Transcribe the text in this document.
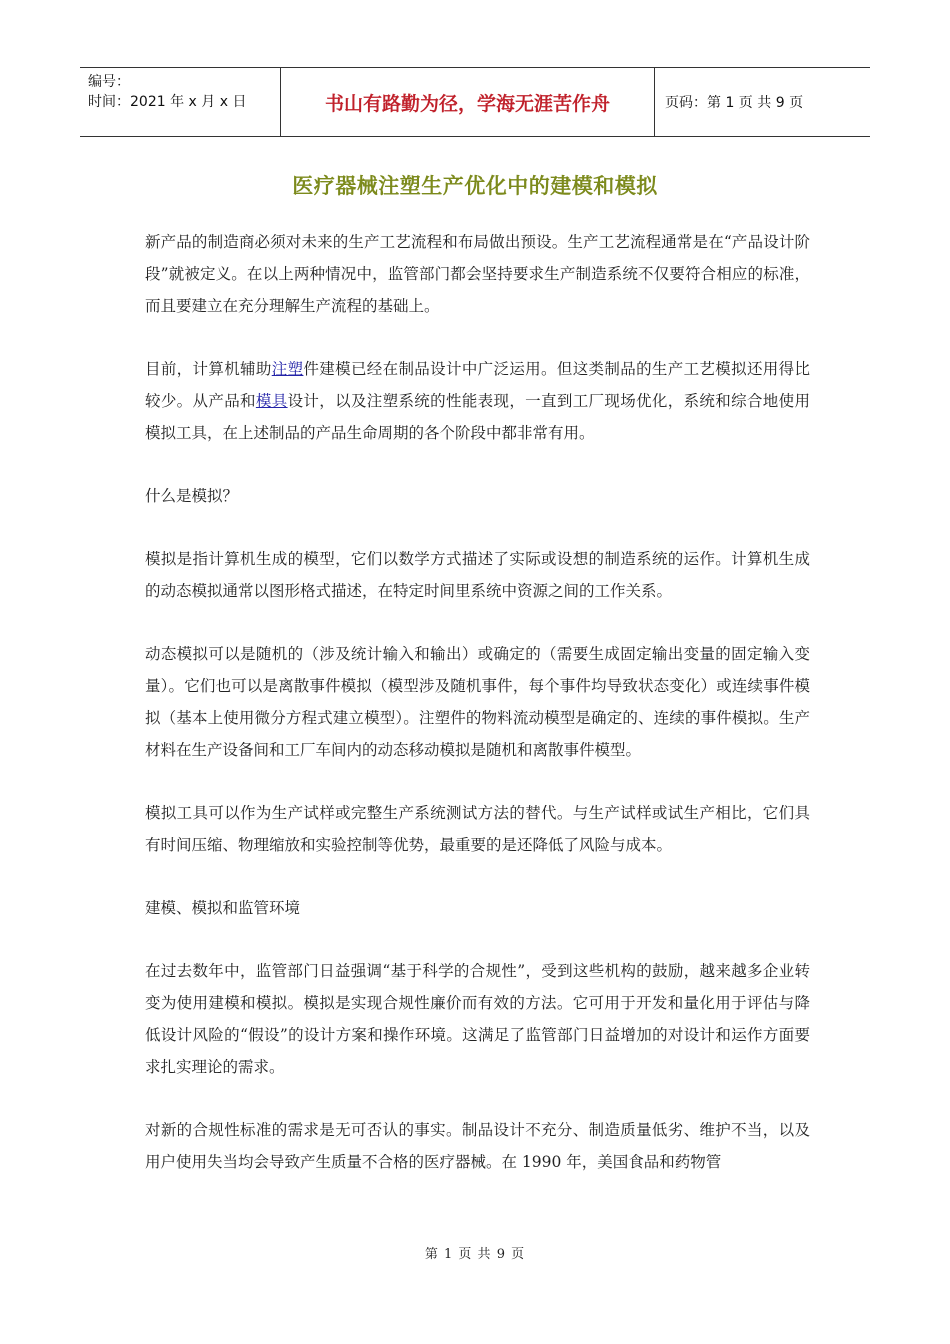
编号：
时间：2021 年 x 月 x 日	书山有路勤为径，学海无涯苦作舟	页码：第 1 页 共 9 页
医疗器械注塑生产优化中的建模和模拟

新产品的制造商必须对未来的生产工艺流程和布局做出预设。生产工艺流程通常是在“产品设计阶段”就被定义。在以上两种情况中，监管部门都会坚持要求生产制造系统不仅要符合相应的标准，而且要建立在充分理解生产流程的基础上。

目前，计算机辅助注塑件建模已经在制品设计中广泛运用。但这类制品的生产工艺模拟还用得比较少。从产品和模具设计，以及注塑系统的性能表现，一直到工厂现场优化，系统和综合地使用模拟工具，在上述制品的产品生命周期的各个阶段中都非常有用。

什么是模拟？

模拟是指计算机生成的模型，它们以数学方式描述了实际或设想的制造系统的运作。计算机生成的动态模拟通常以图形格式描述，在特定时间里系统中资源之间的工作关系。

动态模拟可以是随机的（涉及统计输入和输出）或确定的（需要生成固定输出变量的固定输入变量）。它们也可以是离散事件模拟（模型涉及随机事件，每个事件均导致状态变化）或连续事件模拟（基本上使用微分方程式建立模型）。注塑件的物料流动模型是确定的、连续的事件模拟。生产材料在生产设备间和工厂车间内的动态移动模拟是随机和离散事件模型。

模拟工具可以作为生产试样或完整生产系统测试方法的替代。与生产试样或试生产相比，它们具有时间压缩、物理缩放和实验控制等优势，最重要的是还降低了风险与成本。

建模、模拟和监管环境

在过去数年中，监管部门日益强调“基于科学的合规性”，受到这些机构的鼓励，越来越多企业转变为使用建模和模拟。模拟是实现合规性廉价而有效的方法。它可用于开发和量化用于评估与降低设计风险的“假设”的设计方案和操作环境。这满足了监管部门日益增加的对设计和运作方面要求扎实理论的需求。

对新的合规性标准的需求是无可否认的事实。制品设计不充分、制造质量低劣、维护不当，以及用户使用失当均会导致产生质量不合格的医疗器械。在 1990 年，美国食品和药物管

第 1 页 共 9 页
